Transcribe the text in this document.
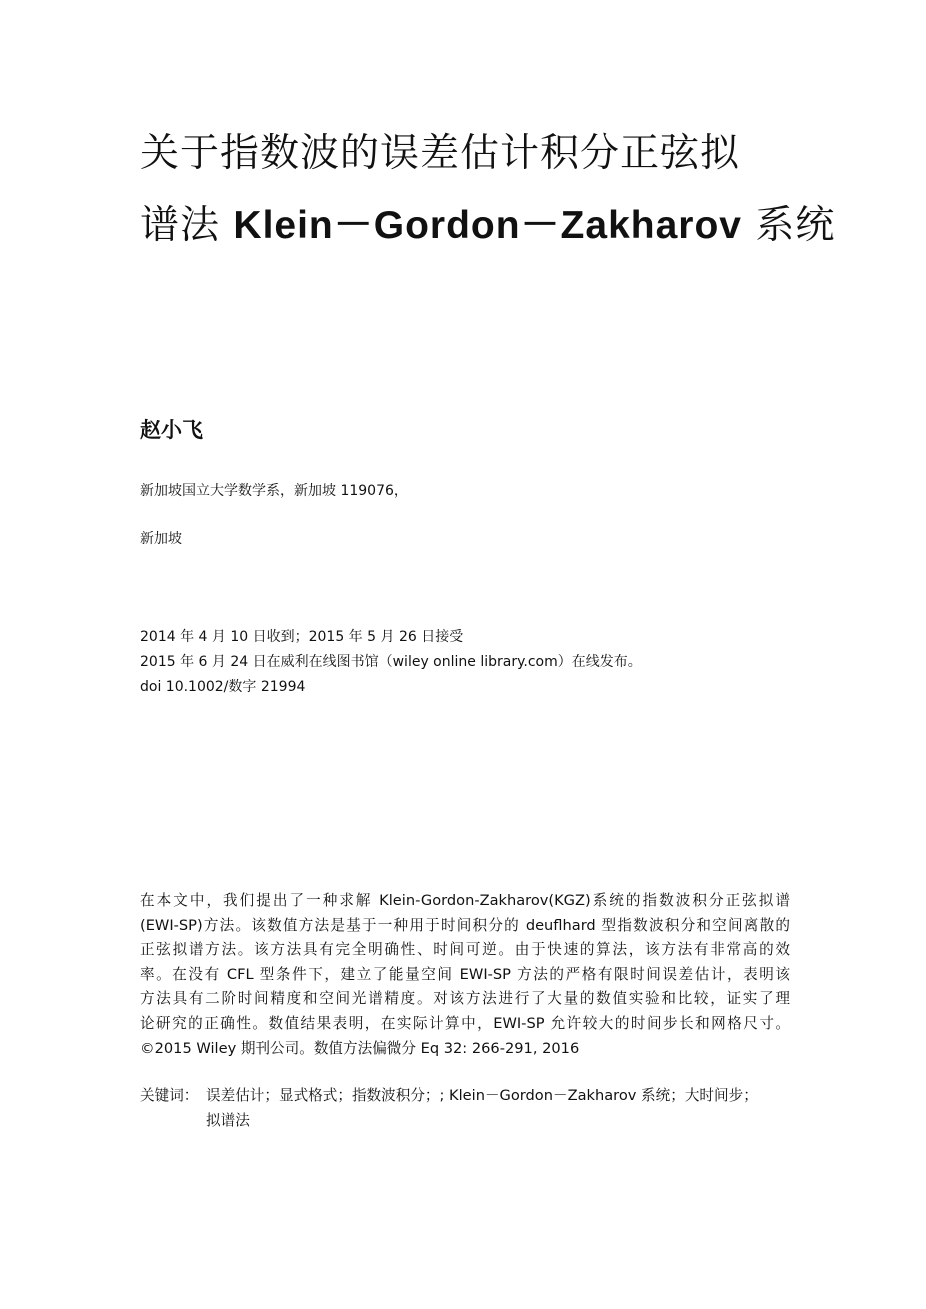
关于指数波的误差估计积分正弦拟
谱法 Klein－Gordon－Zakharov 系统

赵小飞

新加坡国立大学数学系，新加坡 119076，

新加坡

2014 年 4 月 10 日收到；2015 年 5 月 26 日接受
2015 年 6 月 24 日在威利在线图书馆（wiley online library.com）在线发布。
doi 10.1002/数字 21994
在本文中，我们提出了一种求解 Klein-Gordon-Zakharov(KGZ)系统的指数波积分正弦拟谱
(EWI-SP)方法。该数值方法是基于一种用于时间积分的 deuflhard 型指数波积分和空间离散的
正弦拟谱方法。该方法具有完全明确性、时间可逆。由于快速的算法，该方法有非常高的效
率。在没有 CFL 型条件下，建立了能量空间 EWI-SP 方法的严格有限时间误差估计，表明该
方法具有二阶时间精度和空间光谱精度。对该方法进行了大量的数值实验和比较，证实了理
论研究的正确性。数值结果表明，在实际计算中，EWI-SP 允许较大的时间步长和网格尺寸。
©2015 Wiley 期刊公司。数值方法偏微分 Eq 32: 266-291, 2016
关键词： 误差估计；显式格式；指数波积分；; Klein－Gordon－Zakharov 系统；大时间步；
拟谱法
